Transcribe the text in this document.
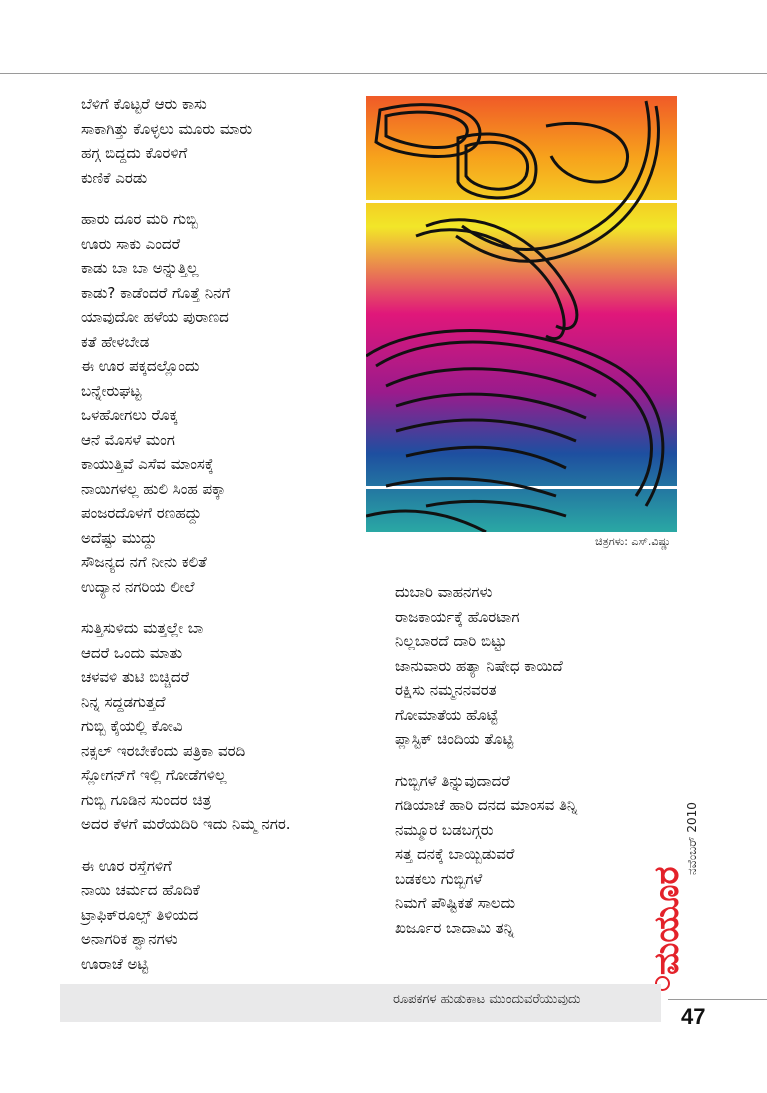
ಬೆಳಿಗೆ ಕೊಟ್ಟರೆ ಆರು ಕಾಸು
ಸಾಕಾಗಿತ್ತು ಕೊಳ್ಳಲು ಮೂರು ಮಾರು
ಹಗ್ಗ ಬಿದ್ದದು ಕೊರಳಿಗೆ
ಕುಣಿಕೆ ಎರಡು
ಹಾರು ದೂರ ಮರಿ ಗುಬ್ಬಿ
ಊರು ಸಾಕು ಎಂದರೆ
ಕಾಡು ಬಾ ಬಾ ಅನ್ನುತ್ತಿಲ್ಲ
ಕಾಡು? ಕಾಡೆಂದರೆ ಗೊತ್ತೆ ನಿನಗೆ
ಯಾವುದೋ ಹಳೆಯ ಪುರಾಣದ
ಕತೆ ಹೇಳಬೇಡ
ಈ ಊರ ಪಕ್ಕದಲ್ಲೊಂದು
ಬನ್ನೇರುಘಟ್ಟ
ಒಳಹೋಗಲು ರೊಕ್ಕ
ಆನೆ ಮೊಸಳೆ ಮಂಗ
ಕಾಯುತ್ತಿವೆ ಎಸೆವ ಮಾಂಸಕ್ಕೆ
ನಾಯಿಗಳಲ್ಲ ಹುಲಿ ಸಿಂಹ ಪಕ್ಕಾ
ಪಂಜರದೊಳಗೆ ರಣಹದ್ದು
ಅದೆಷ್ಟು ಮುದ್ದು
ಸೌಜನ್ಯದ ನಗೆ ನೀನು ಕಲಿತೆ
ಉದ್ಯಾನ ನಗರಿಯ ಲೀಲೆ
ಸುತ್ತಿಸುಳಿದು ಮತ್ತಲ್ಲೇ ಬಾ
ಆದರೆ ಒಂದು ಮಾತು
ಚಳವಳಿ ತುಟಿ ಬಿಚ್ಚಿದರೆ
ನಿನ್ನ ಸದ್ದಡಗುತ್ತದೆ
ಗುಬ್ಬಿ ಕೈಯಲ್ಲಿ ಕೋವಿ
ನಕ್ಸಲ್ ಇರಬೇಕೆಂದು ಪತ್ರಿಕಾ ವರದಿ
ಸ್ಲೋಗನ್‌ಗೆ ಇಲ್ಲಿ ಗೋಡೆಗಳಿಲ್ಲ
ಗುಬ್ಬಿ ಗೂಡಿನ ಸುಂದರ ಚಿತ್ರ
ಅದರ ಕೆಳಗೆ ಮರೆಯದಿರಿ ಇದು ನಿಮ್ಮ ನಗರ.
ಈ ಊರ ರಸ್ತೆಗಳಿಗೆ
ನಾಯಿ ಚರ್ಮದ ಹೊದಿಕೆ
ಟ್ರಾಫಿಕ್‌ರೂಲ್ಸ್ ತಿಳಿಯದ
ಅನಾಗರಿಕ ಶ್ವಾನಗಳು
ಊರಾಚೆ ಅಟ್ಟಿ
ದುಬಾರಿ ವಾಹನಗಳು
ರಾಜಕಾರ್ಯಕ್ಕೆ ಹೊರಟಾಗ
ನಿಲ್ಲಬಾರದೆ ದಾರಿ ಬಿಟ್ಟು
ಜಾನುವಾರು ಹತ್ಯಾ ನಿಷೇಧ ಕಾಯಿದೆ
ರಕ್ಷಿಸು ನಮ್ಮನನವರತ
ಗೋಮಾತೆಯ ಹೊಟ್ಟೆ
ಪ್ಲಾಸ್ಟಿಕ್ ಚಿಂದಿಯ ತೊಟ್ಟಿ
ಗುಬ್ಬಿಗಳೆ ತಿನ್ನುವುದಾದರೆ
ಗಡಿಯಾಚೆ ಹಾರಿ ದನದ ಮಾಂಸವ ತಿನ್ನಿ
ನಮ್ಮೂರ ಬಡಬಗ್ಗರು
ಸತ್ತ ದನಕ್ಕೆ ಬಾಯ್ಬಿಡುವರೆ
ಬಡಕಲು ಗುಬ್ಬಿಗಳೆ
ನಿಮಗೆ ಪೌಷ್ಟಿಕತೆ ಸಾಲದು
ಖರ್ಜೂರ ಬಾದಾಮಿ ತನ್ನಿ
ಚಿತ್ರಗಳು: ಎಸ್.ವಿಷ್ಣು
ಮಯೂರ
ನವೆಂಬರ್ 2010
ರೂಪಕಗಳ ಹುಡುಕಾಟ ಮುಂದುವರೆಯುವುದು
47
